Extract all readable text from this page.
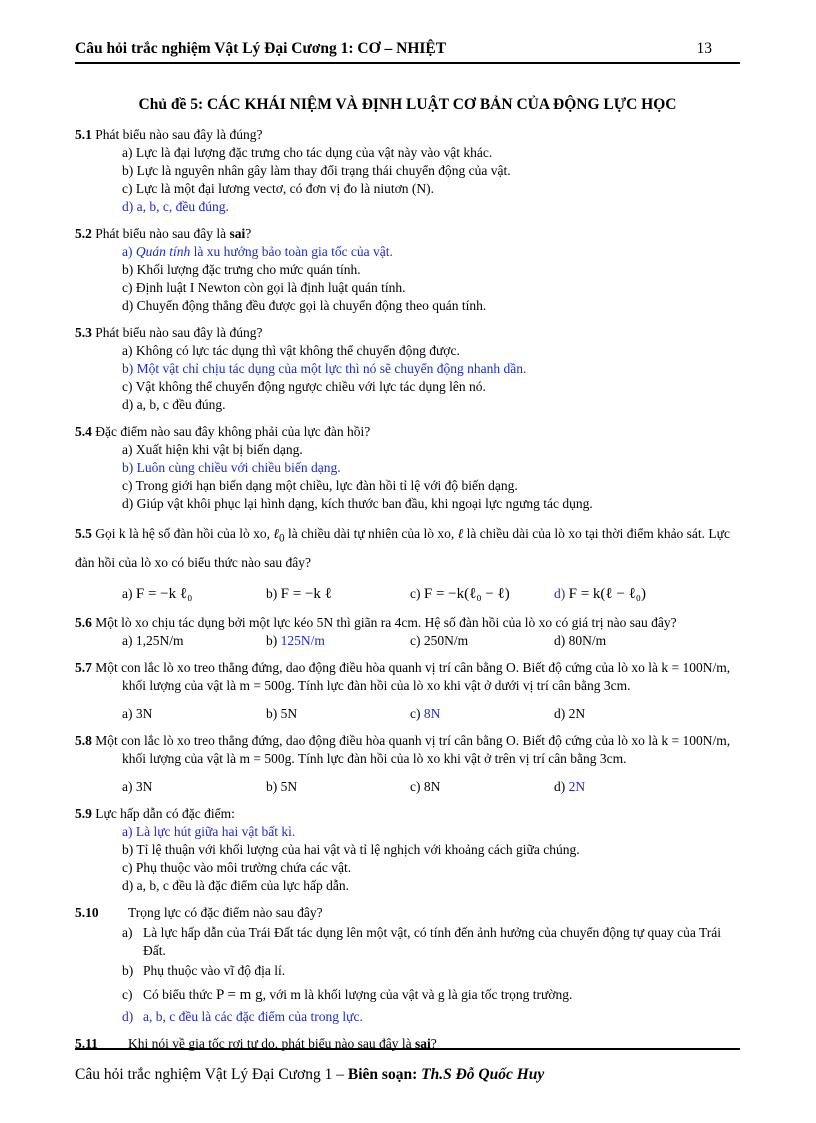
Câu hỏi trắc nghiệm Vật Lý Đại Cương 1: CƠ – NHIỆT	13
Chủ đề 5: CÁC KHÁI NIỆM VÀ ĐỊNH LUẬT CƠ BẢN CỦA ĐỘNG LỰC HỌC
5.1 Phát biểu nào sau đây là đúng?
a) Lực là đại lượng đặc trưng cho tác dụng của vật này vào vật khác.
b) Lực là nguyên nhân gây làm thay đổi trạng thái chuyển động của vật.
c) Lực là một đại lương vectơ, có đơn vị đo là niutơn (N).
d) a, b, c, đều đúng.
5.2 Phát biểu nào sau đây là sai?
a) Quán tính là xu hướng bảo toàn gia tốc của vật.
b) Khối lượng đặc trưng cho mức quán tính.
c) Định luật I Newton còn gọi là định luật quán tính.
d) Chuyển động thẳng đều được gọi là chuyển động theo quán tính.
5.3 Phát biểu nào sau đây là đúng?
a) Không có lực tác dụng thì vật không thể chuyển động được.
b) Một vật chỉ chịu tác dụng của một lực thì nó sẽ chuyển động nhanh dần.
c) Vật không thể chuyển động ngược chiều với lực tác dụng lên nó.
d) a, b, c đều đúng.
5.4 Đặc điểm nào sau đây không phải của lực đàn hồi?
a) Xuất hiện khi vật bị biến dạng.
b) Luôn cùng chiều với chiều biến dạng.
c) Trong giới hạn biến dạng một chiều, lực đàn hồi tỉ lệ với độ biến dạng.
d) Giúp vật khôi phục lại hình dạng, kích thước ban đầu, khi ngoại lực ngưng tác dụng.
5.5 Gọi k là hệ số đàn hồi của lò xo, ℓ$_0$ là chiều dài tự nhiên của lò xo, ℓ là chiều dài của lò xo tại thời điểm khảo sát. Lực đàn hồi của lò xo có biểu thức nào sau đây?
a) F = −k ℓ₀	b) F = −k ℓ	c) F = −k(ℓ₀ − ℓ)	d) F = k(ℓ − ℓ₀)
5.6 Một lò xo chịu tác dụng bởi một lực kéo 5N thì giãn ra 4cm. Hệ số đàn hồi của lò xo có giá trị nào sau đây?
a) 1,25N/m	b) 125N/m	c) 250N/m	d) 80N/m
5.7 Một con lắc lò xo treo thẳng đứng, dao động điều hòa quanh vị trí cân bằng O. Biết độ cứng của lò xo là k = 100N/m, khối lượng của vật là m = 500g. Tính lực đàn hồi của lò xo khi vật ở dưới vị trí cân bằng 3cm.
a) 3N	b) 5N	c) 8N	d) 2N
5.8 Một con lắc lò xo treo thẳng đứng, dao động điều hòa quanh vị trí cân bằng O. Biết độ cứng của lò xo là k = 100N/m, khối lượng của vật là m = 500g. Tính lực đàn hồi của lò xo khi vật ở trên vị trí cân bằng 3cm.
a) 3N	b) 5N	c) 8N	d) 2N
5.9 Lực hấp dẫn có đặc điểm:
a) Là lực hút giữa hai vật bất kì.
b) Tỉ lệ thuận với khối lượng của hai vật và tỉ lệ nghịch với khoảng cách giữa chúng.
c) Phụ thuộc vào môi trường chứa các vật.
d) a, b, c đều là đặc điểm của lực hấp dẫn.
5.10	Trọng lực có đặc điểm nào sau đây?
a) Là lực hấp dẫn của Trái Đất tác dụng lên một vật, có tính đến ảnh hưởng của chuyển động tự quay của Trái Đất.
b) Phụ thuộc vào vĩ độ địa lí.
c) Có biểu thức P = m g, với m là khối lượng của vật và g là gia tốc trọng trường.
d) a, b, c đều là các đặc điểm của trong lực.
5.11	Khi nói về gia tốc rơi tự do, phát biểu nào sau đây là sai?
Câu hỏi trắc nghiệm Vật Lý Đại Cương 1 – Biên soạn: Th.S Đỗ Quốc Huy
